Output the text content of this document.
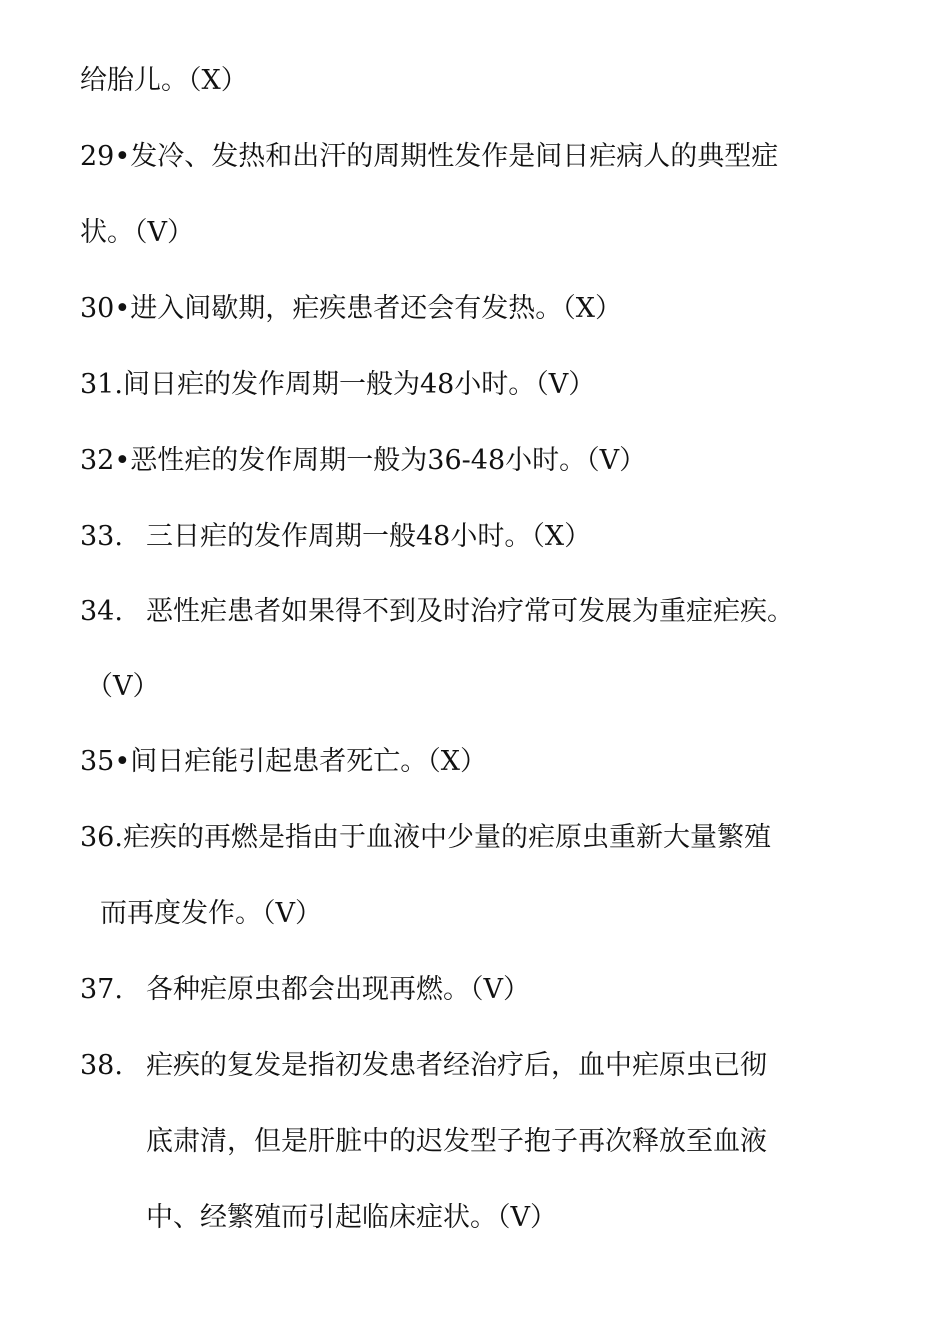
给胎儿。（X）
29•发冷、发热和出汗的周期性发作是间日疟病人的典型症
状。（V）
30•进入间歇期，疟疾患者还会有发热。（X）
31.间日疟的发作周期一般为48小时。（V）
32•恶性疟的发作周期一般为36-48小时。（V）
33. 三日疟的发作周期一般48小时。（X）
34. 恶性疟患者如果得不到及时治疗常可发展为重症疟疾。
（V）
35•间日疟能引起患者死亡。（X）
36.疟疾的再燃是指由于血液中少量的疟原虫重新大量繁殖
而再度发作。（V）
37. 各种疟原虫都会出现再燃。（V）
38. 疟疾的复发是指初发患者经治疗后，血中疟原虫已彻
底肃清，但是肝脏中的迟发型子抱子再次释放至血液
中、经繁殖而引起临床症状。（V）
